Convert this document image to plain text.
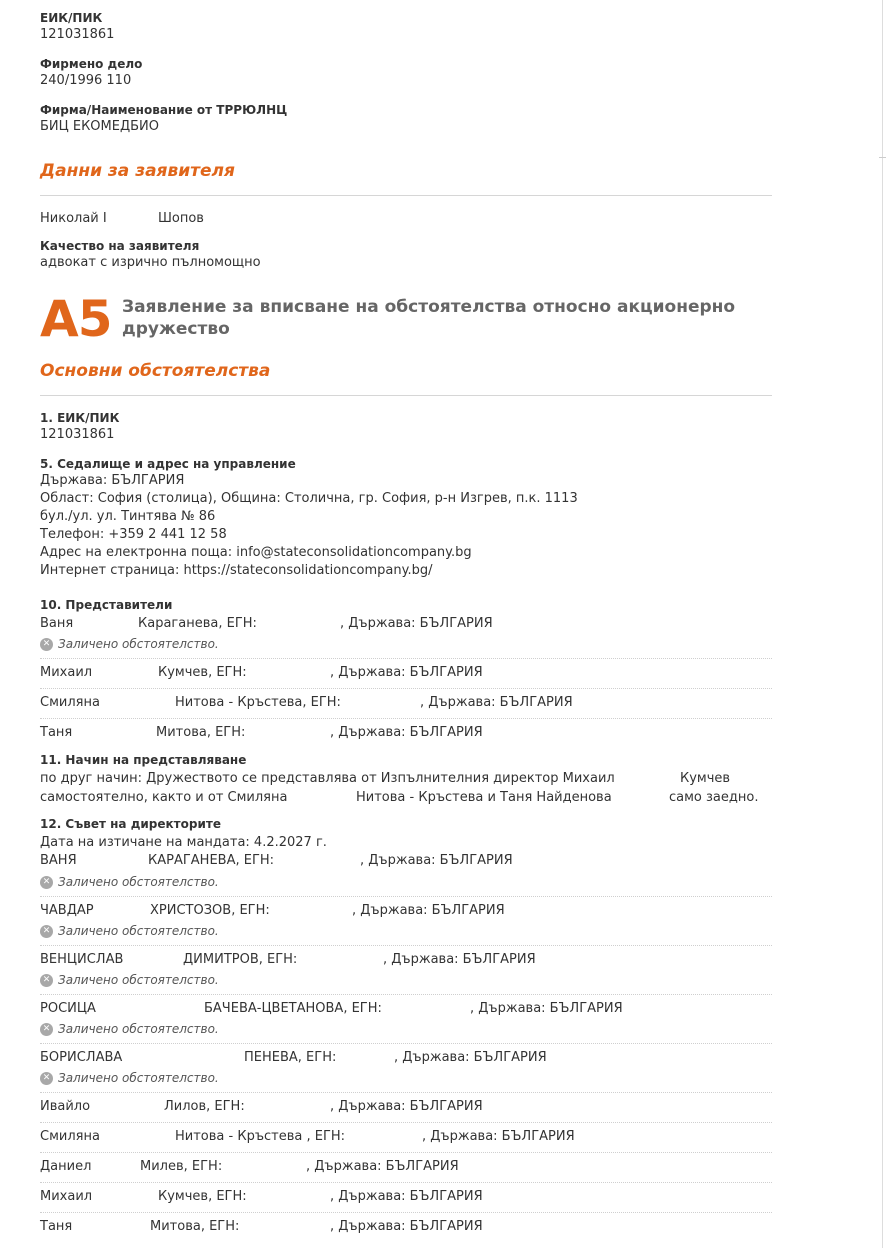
ЕИК/ПИК
121031861
Фирмено дело
240/1996 110
Фирма/Наименование от ТРРЮЛНЦ
БИЦ ЕКОМЕДБИО
Данни за заявителя
Николай I	Шопов
Качество на заявителя
адвокат с изрично пълномощно
А5 Заявление за вписване на обстоятелства относно акционерно дружество
Основни обстоятелства
1. ЕИК/ПИК
121031861
5. Седалище и адрес на управление
Държава: БЪЛГАРИЯ
Област: София (столица), Община: Столична, гр. София, р-н Изгрев, п.к. 1113
бул./ул. ул. Тинтява № 86
Телефон: +359 2 441 12 58
Адрес на електронна поща: info@stateconsolidationcompany.bg
Интернет страница: https://stateconsolidationcompany.bg/
10. Представители
Ваня	Караганева, ЕГН:	, Държава: БЪЛГАРИЯ
✕ Заличено обстоятелство.
Михаил	Кумчев, ЕГН:	, Държава: БЪЛГАРИЯ
Смиляна	Нитова - Кръстева, ЕГН:	, Държава: БЪЛГАРИЯ
Таня	Митова, ЕГН:	, Държава: БЪЛГАРИЯ
11. Начин на представляване
по друг начин: Дружеството се представлява от Изпълнителния директор Михаил	Кумчев
самостоятелно, както и от Смиляна	Нитова - Кръстева и Таня Найденова	само заедно.
12. Съвет на директорите
Дата на изтичане на мандата: 4.2.2027 г.
ВАНЯ	КАРАГАНЕВА, ЕГН:	, Държава: БЪЛГАРИЯ
✕ Заличено обстоятелство.
ЧАВДАР	ХРИСТОЗОВ, ЕГН:	, Държава: БЪЛГАРИЯ
✕ Заличено обстоятелство.
ВЕНЦИСЛАВ	ДИМИТРОВ, ЕГН:	, Държава: БЪЛГАРИЯ
✕ Заличено обстоятелство.
РОСИЦА	БАЧЕВА-ЦВЕТАНОВА, ЕГН:	, Държава: БЪЛГАРИЯ
✕ Заличено обстоятелство.
БОРИСЛАВА	ПЕНЕВА, ЕГН:	, Държава: БЪЛГАРИЯ
✕ Заличено обстоятелство.
Ивайло	Лилов, ЕГН:	, Държава: БЪЛГАРИЯ
Смиляна	Нитова - Кръстева , ЕГН:	, Държава: БЪЛГАРИЯ
Даниел	Милев, ЕГН:	, Държава: БЪЛГАРИЯ
Михаил	Кумчев, ЕГН:	, Държава: БЪЛГАРИЯ
Таня	Митова, ЕГН:	, Държава: БЪЛГАРИЯ
